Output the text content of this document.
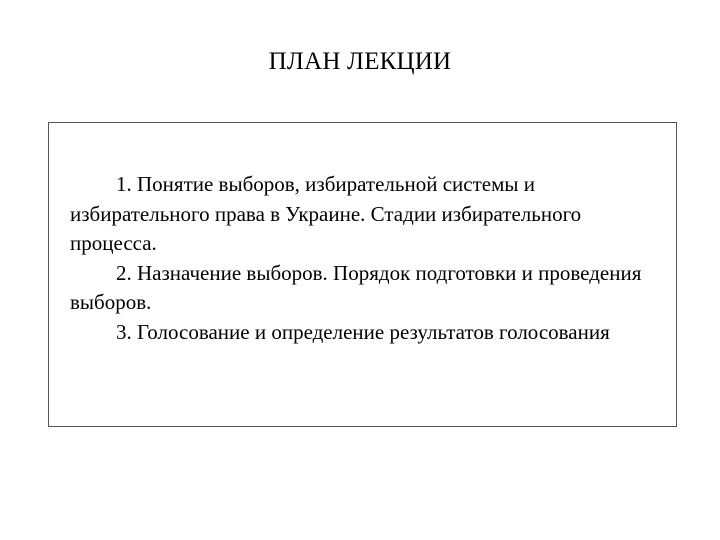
ПЛАН ЛЕКЦИИ

1. Понятие выборов, избирательной системы и избирательного права в Украине. Стадии избирательного процесса.

2. Назначение выборов. Порядок подготовки и проведения выборов.

3. Голосование и определение результатов голосования
